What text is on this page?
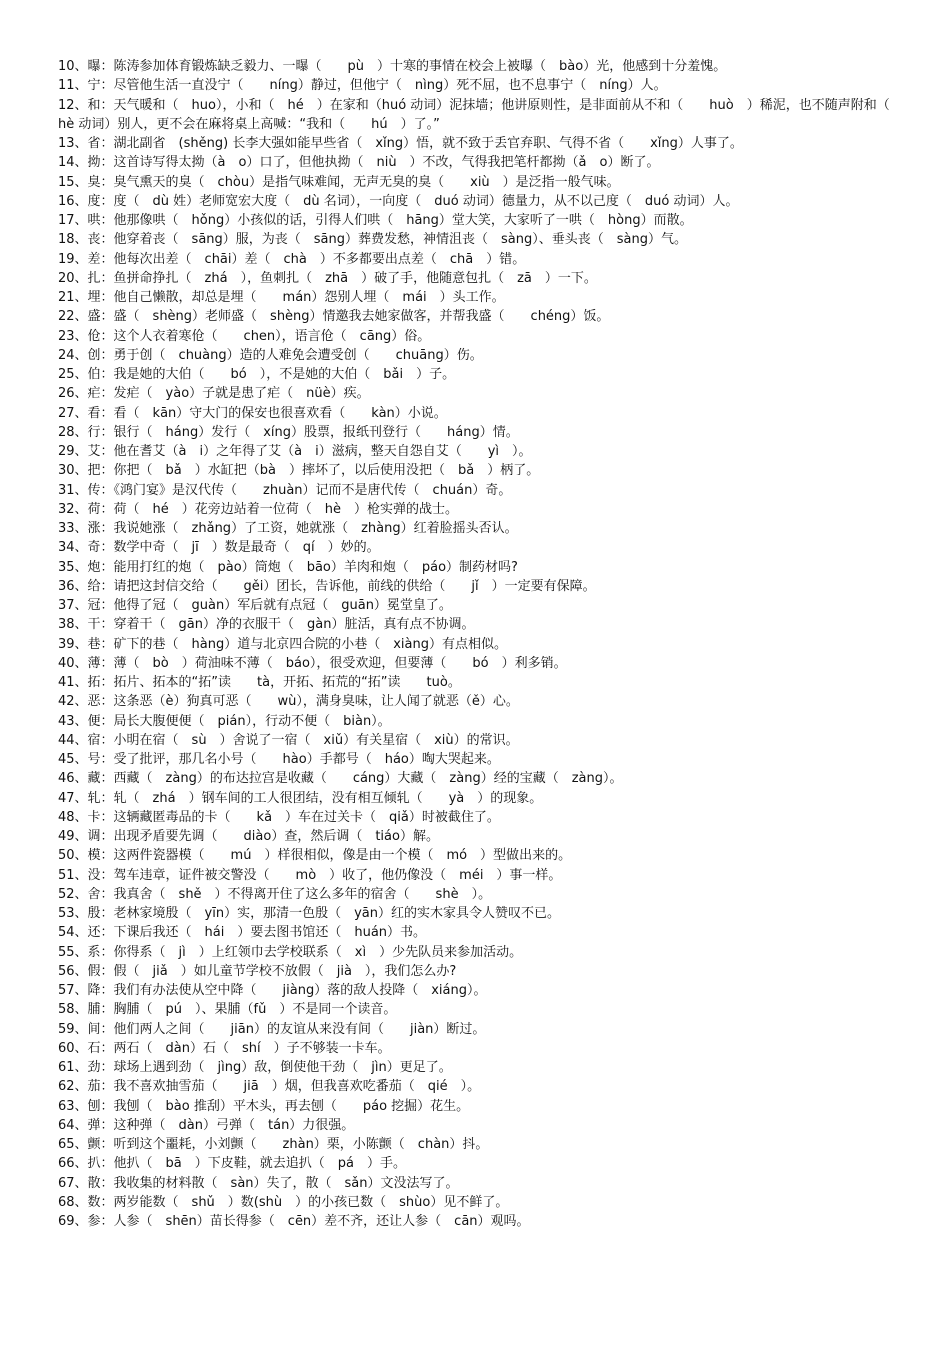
10、曝：陈涛参加体育锻炼缺乏毅力、一曝（　　pù　）十寒的事情在校会上被曝（　bào）光，他感到十分羞愧。
11、宁：尽管他生活一直没宁（　　níng）静过，但他宁（　nìng）死不屈，也不息事宁（　níng）人。
12、和：天气暖和（　huo），小和（　hé　）在家和（huó 动词）泥抹墙；他讲原则性，是非面前从不和（　　huò　）稀泥，也不随声附和（　hè 动词）别人，更不会在麻将桌上高喊：“我和（　　hú　）了。”
13、省：湖北副省　(shěng) 长李大强如能早些省（　xǐng）悟，就不致于丢官弃职、气得不省（　　xǐng）人事了。
14、拗：这首诗写得太拗（à　o）口了，但他执拗（　niù　）不改，气得我把笔杆都拗（ǎ　o）断了。
15、臭：臭气熏天的臭（　chòu）是指气味难闻，无声无臭的臭（　　xiù　）是泛指一般气味。
16、度：度（　dù 姓）老师宽宏大度（　dù 名词），一向度（　duó 动词）德量力，从不以己度（　duó 动词）人。
17、哄：他那像哄（　hǒng）小孩似的话，引得人们哄（　hāng）堂大笑，大家听了一哄（　hòng）而散。
18、丧：他穿着丧（　sāng）服，为丧（　sāng）葬费发愁，神情沮丧（　sàng）、垂头丧（　sàng）气。
19、差：他每次出差（　chāi）差（　chà　）不多都要出点差（　chā　）错。
20、扎：鱼拼命挣扎（　zhá　），鱼刺扎（　zhā　）破了手，他随意包扎（　zā　）一下。
21、埋：他自己懒散，却总是埋（　　mán）怨别人埋（　mái　）头工作。
22、盛：盛（　shèng）老师盛（　shèng）情邀我去她家做客，并帮我盛（　　chéng）饭。
23、伧：这个人衣着寒伧（　　chen），语言伧（　cāng）俗。
24、创：勇于创（　chuàng）造的人难免会遭受创（　　chuāng）伤。
25、伯：我是她的大伯（　　bó　），不是她的大伯（　bǎi　）子。
26、疟：发疟（　yào）子就是患了疟（　nüè）疾。
27、看：看（　kān）守大门的保安也很喜欢看（　　kàn）小说。
28、行：银行（　háng）发行（　xíng）股票，报纸刊登行（　　háng）情。
29、艾：他在耆艾（à　i）之年得了艾（à　i）滋病，整天自怨自艾（　　yì　）。
30、把：你把（　bǎ　）水缸把（bà　）摔坏了，以后使用没把（　bǎ　）柄了。
31、传：《鸿门宴》是汉代传（　　zhuàn）记而不是唐代传（　chuán）奇。
32、荷：荷（　hé　）花旁边站着一位荷（　hè　）枪实弹的战士。
33、涨：我说她涨（　zhǎng）了工资，她就涨（　zhàng）红着脸摇头否认。
34、奇：数学中奇（　jī　）数是最奇（　qí　）妙的。
35、炮：能用打红的炮（　pào）筒炮（　bāo）羊肉和炮（　páo）制药材吗?
36、给：请把这封信交给（　　gěi）团长，告诉他，前线的供给（　　jǐ　）一定要有保障。
37、冠：他得了冠（　guàn）军后就有点冠（　guān）冕堂皇了。
38、干：穿着干（　gān）净的衣服干（　gàn）脏活，真有点不协调。
39、巷：矿下的巷（　hàng）道与北京四合院的小巷（　xiàng）有点相似。
40、薄：薄（　bò　）荷油味不薄（　báo），很受欢迎，但要薄（　　bó　）利多销。
41、拓：拓片、拓本的“拓”读　　tà，开拓、拓荒的“拓”读　　tuò。
42、恶：这条恶（è）狗真可恶（　　wù），满身臭味，让人闻了就恶（ě）心。
43、便：局长大腹便便（　pián），行动不便（　biàn）。
44、宿：小明在宿（　sù　）舍说了一宿（　xiǔ）有关星宿（　xiù）的常识。
45、号：受了批评，那几名小号（　　hào）手都号（　háo）啕大哭起来。
46、藏：西藏（　zàng）的布达拉宫是收藏（　　cáng）大藏（　zàng）经的宝藏（　zàng）。
47、轧：轧（　zhá　）钢车间的工人很团结，没有相互倾轧（　　yà　）的现象。
48、卡：这辆藏匿毒品的卡（　　kǎ　）车在过关卡（　qiǎ）时被截住了。
49、调：出现矛盾要先调（　　diào）查，然后调（　tiáo）解。
50、模：这两件瓷器模（　　mú　）样很相似，像是由一个模（　mó　）型做出来的。
51、没：驾车违章，证件被交警没（　　mò　）收了，他仍像没（　méi　）事一样。
52、舍：我真舍（　shě　）不得离开住了这么多年的宿舍（　　shè　）。
53、殷：老林家境殷（　yīn）实，那清一色殷（　yān）红的实木家具令人赞叹不已。
54、还：下课后我还（　hái　）要去图书馆还（　huán）书。
55、系：你得系（　jì　）上红领巾去学校联系（　xì　）少先队员来参加活动。
56、假：假（　jiǎ　）如儿童节学校不放假（　jià　），我们怎么办?
57、降：我们有办法使从空中降（　　jiàng）落的敌人投降（　xiáng）。
58、脯：胸脯（　pú　）、果脯（fǔ　）不是同一个读音。
59、间：他们两人之间（　　jiān）的友谊从来没有间（　　jiàn）断过。
60、石：两石（　dàn）石（　shí　）子不够装一卡车。
61、劲：球场上遇到劲（　jìng）敌，倒使他干劲（　jìn）更足了。
62、茄：我不喜欢抽雪茄（　　jiā　）烟，但我喜欢吃番茄（　qié　）。
63、刨：我刨（　bào 推刮）平木头，再去刨（　　páo 挖掘）花生。
64、弹：这种弹（　dàn）弓弹（　tán）力很强。
65、颤：听到这个噩耗，小刘颤（　　zhàn）栗，小陈颤（　chàn）抖。
66、扒：他扒（　bā　）下皮鞋，就去追扒（　pá　）手。
67、散：我收集的材料散（　sàn）失了，散（　sǎn）文没法写了。
68、数：两岁能数（　shǔ　）数(shù　）的小孩已数（　shùo）见不鲜了。
69、参：人参（　shēn）苗长得参（　cēn）差不齐，还让人参（　cān）观吗。
